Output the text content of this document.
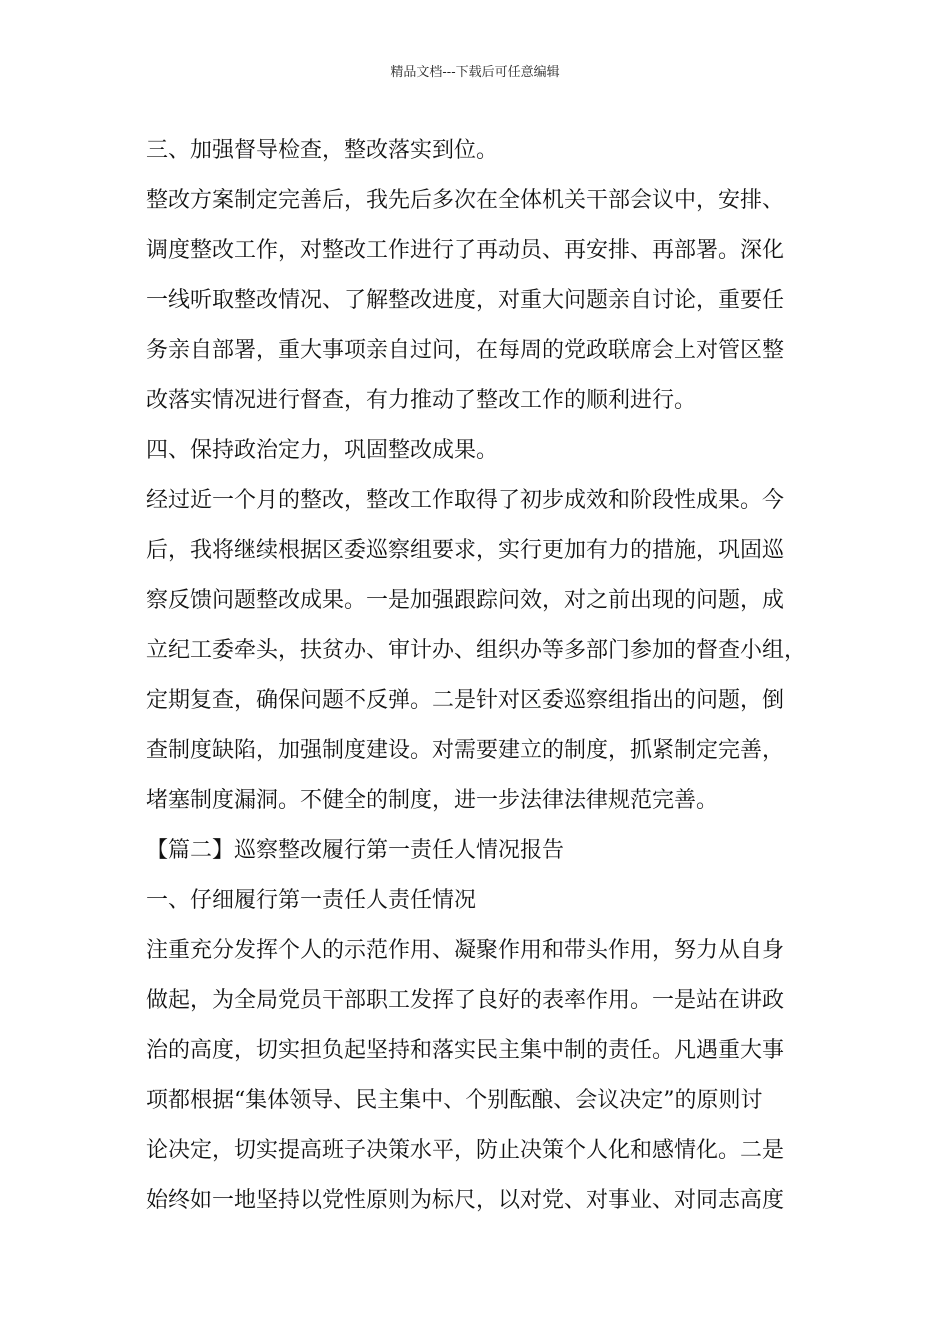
精品文档---下载后可任意编辑
三、加强督导检查，整改落实到位。
整改方案制定完善后，我先后多次在全体机关干部会议中，安排、
调度整改工作，对整改工作进行了再动员、再安排、再部署。深化
一线听取整改情况、了解整改进度，对重大问题亲自讨论，重要任
务亲自部署，重大事项亲自过问，在每周的党政联席会上对管区整
改落实情况进行督查，有力推动了整改工作的顺利进行。
四、保持政治定力，巩固整改成果。
经过近一个月的整改，整改工作取得了初步成效和阶段性成果。今
后，我将继续根据区委巡察组要求，实行更加有力的措施，巩固巡
察反馈问题整改成果。一是加强跟踪问效，对之前出现的问题，成
立纪工委牵头，扶贫办、审计办、组织办等多部门参加的督查小组，
定期复查，确保问题不反弹。二是针对区委巡察组指出的问题，倒
查制度缺陷，加强制度建设。对需要建立的制度，抓紧制定完善，
堵塞制度漏洞。不健全的制度，进一步法律法律规范完善。
【篇二】巡察整改履行第一责任人情况报告
一、仔细履行第一责任人责任情况
注重充分发挥个人的示范作用、凝聚作用和带头作用，努力从自身
做起，为全局党员干部职工发挥了良好的表率作用。一是站在讲政
治的高度，切实担负起坚持和落实民主集中制的责任。凡遇重大事
项都根据“集体领导、民主集中、个别酝酿、会议决定”的原则讨
论决定，切实提高班子决策水平，防止决策个人化和感情化。二是
始终如一地坚持以党性原则为标尺，以对党、对事业、对同志高度
